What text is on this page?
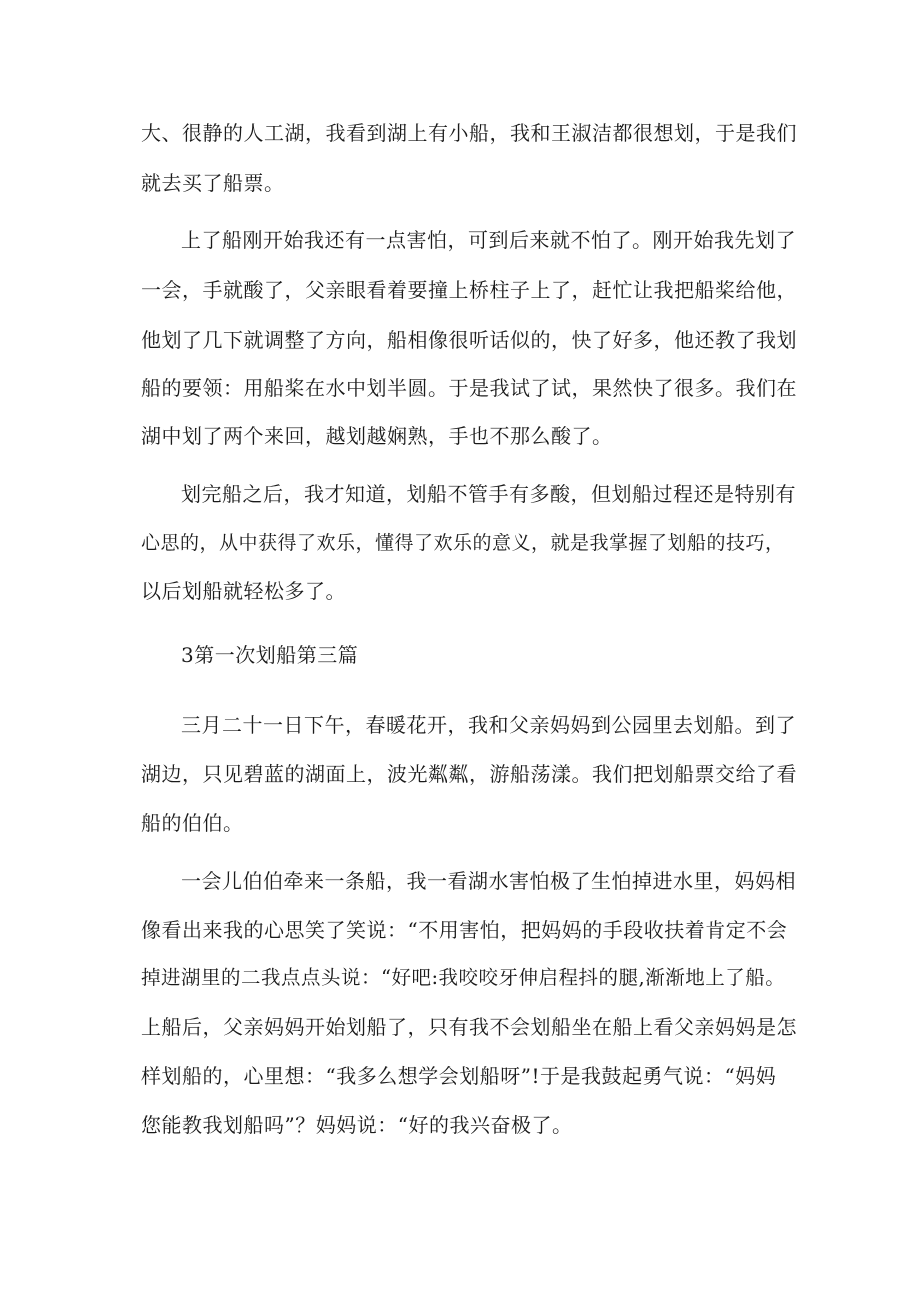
大、很静的人工湖，我看到湖上有小船，我和王淑洁都很想划，于是我们
就去买了船票。
上了船刚开始我还有一点害怕，可到后来就不怕了。刚开始我先划了
一会，手就酸了，父亲眼看着要撞上桥柱子上了，赶忙让我把船桨给他，
他划了几下就调整了方向，船相像很听话似的，快了好多，他还教了我划
船的要领：用船桨在水中划半圆。于是我试了试，果然快了很多。我们在
湖中划了两个来回，越划越娴熟，手也不那么酸了。
划完船之后，我才知道，划船不管手有多酸，但划船过程还是特别有
心思的，从中获得了欢乐，懂得了欢乐的意义，就是我掌握了划船的技巧，
以后划船就轻松多了。
3第一次划船第三篇
三月二十一日下午，春暖花开，我和父亲妈妈到公园里去划船。到了
湖边，只见碧蓝的湖面上，波光粼粼，游船荡漾。我们把划船票交给了看
船的伯伯。
一会儿伯伯牵来一条船，我一看湖水害怕极了生怕掉进水里，妈妈相
像看出来我的心思笑了笑说：“不用害怕，把妈妈的手段收扶着肯定不会
掉进湖里的二我点点头说：“好吧:我咬咬牙伸启程抖的腿,渐渐地上了船。
上船后，父亲妈妈开始划船了，只有我不会划船坐在船上看父亲妈妈是怎
样划船的，心里想：“我多么想学会划船呀”!于是我鼓起勇气说：“妈妈
您能教我划船吗”？妈妈说：“好的我兴奋极了。
